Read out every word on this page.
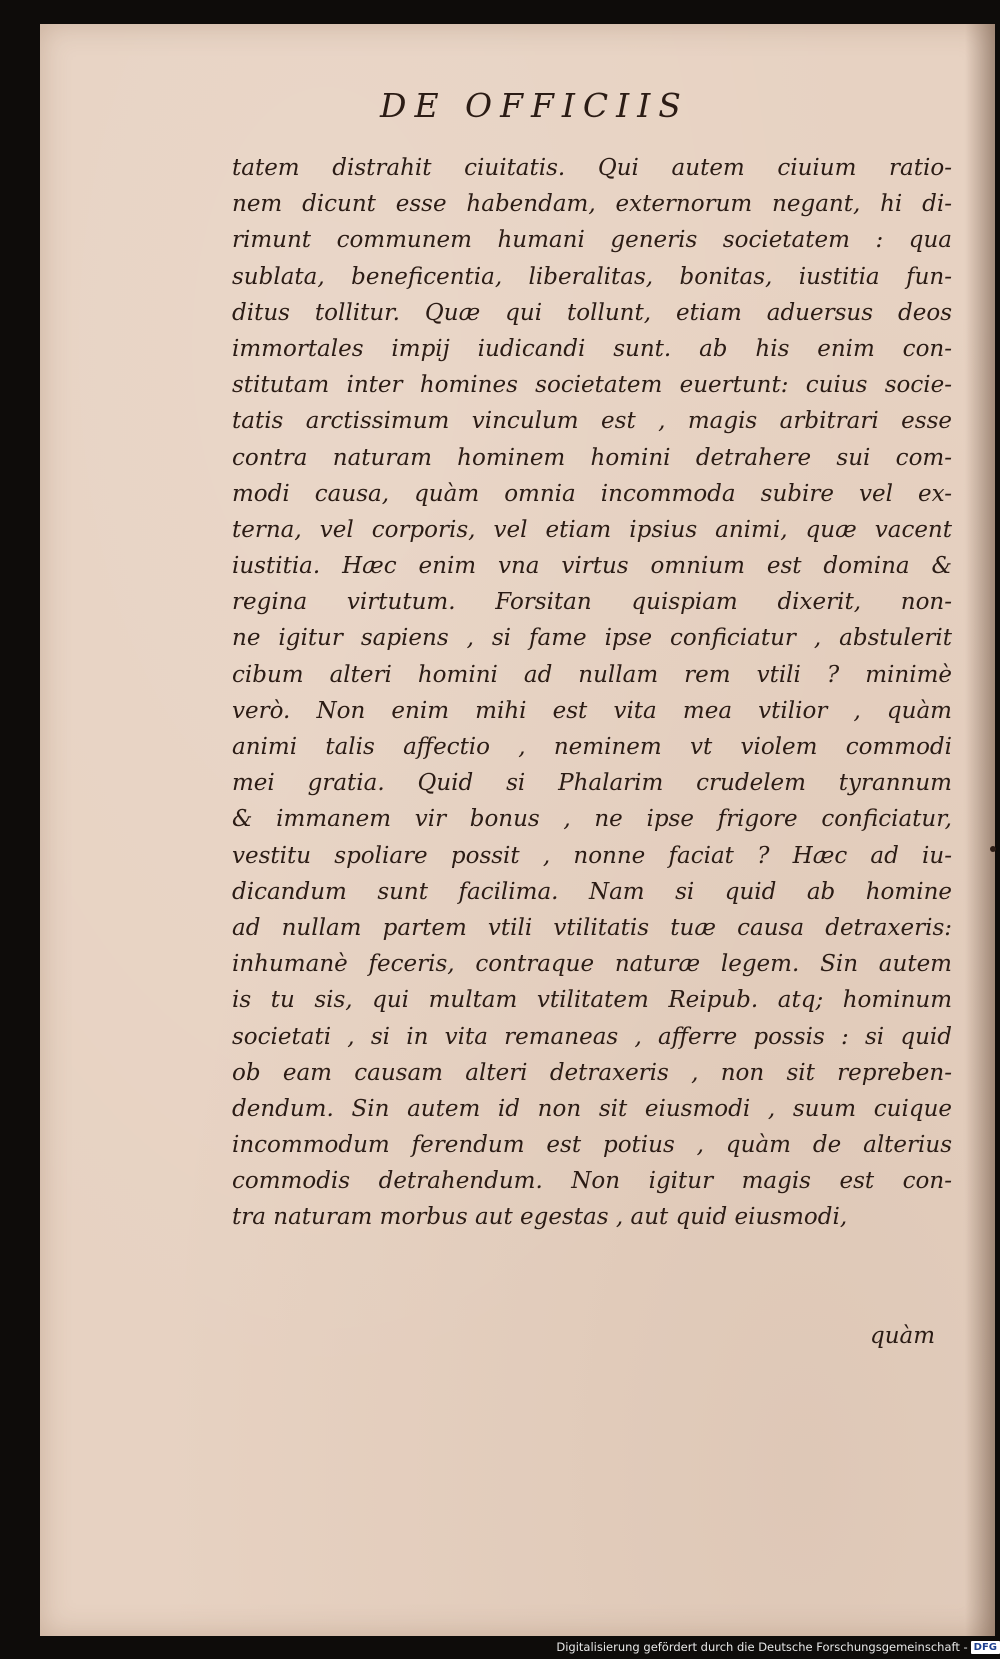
DE OFFICIIS
tatem distrahit ciuitatis. Qui autem ciuium ratio-
nem dicunt esse habendam, externorum negant, hi di-
rimunt communem humani generis societatem : qua
sublata, beneficentia, liberalitas, bonitas, iustitia fun-
ditus tollitur. Quæ qui tollunt, etiam aduersus deos
immortales impij iudicandi sunt. ab his enim con-
stitutam inter homines societatem euertunt: cuius socie-
tatis arctissimum vinculum est , magis arbitrari esse
contra naturam hominem homini detrahere sui com-
modi causa, quàm omnia incommoda subire vel ex-
terna, vel corporis, vel etiam ipsius animi, quæ vacent
iustitia. Hæc enim vna virtus omnium est domina &
regina virtutum. Forsitan quispiam dixerit, non-
ne igitur sapiens , si fame ipse conficiatur , abstulerit
cibum alteri homini ad nullam rem vtili ? minimè
verò. Non enim mihi est vita mea vtilior , quàm
animi talis affectio , neminem vt violem commodi
mei gratia. Quid si Phalarim crudelem tyrannum
& immanem vir bonus , ne ipse frigore conficiatur,
vestitu spoliare possit , nonne faciat ? Hæc ad iu-
dicandum sunt facilima. Nam si quid ab homine
ad nullam partem vtili vtilitatis tuæ causa detraxeris:
inhumanè feceris, contraque naturæ legem. Sin autem
is tu sis, qui multam vtilitatem Reipub. atq; hominum
societati , si in vita remaneas , afferre possis : si quid
ob eam causam alteri detraxeris , non sit repreben-
dendum. Sin autem id non sit eiusmodi , suum cuique
incommodum ferendum est potius , quàm de alterius
commodis detrahendum. Non igitur magis est con-
tra naturam morbus aut egestas , aut quid eiusmodi,
quàm
Digitalisierung gefördert durch die Deutsche Forschungsgemeinschaft - DFG
